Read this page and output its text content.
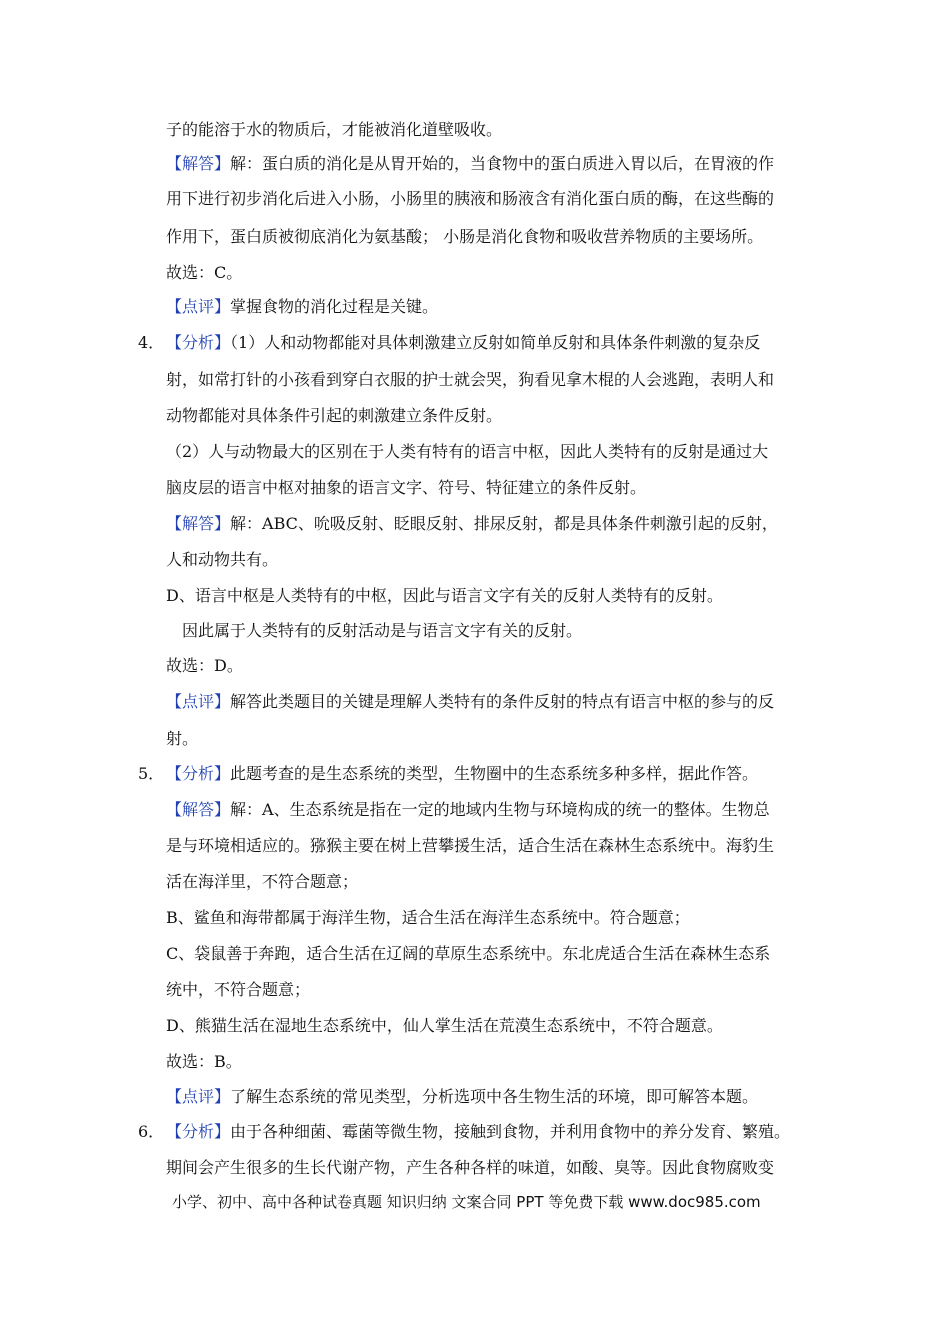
子的能溶于水的物质后，才能被消化道壁吸收。
【解答】解：蛋白质的消化是从胃开始的，当食物中的蛋白质进入胃以后，在胃液的作
用下进行初步消化后进入小肠，小肠里的胰液和肠液含有消化蛋白质的酶，在这些酶的
作用下，蛋白质被彻底消化为氨基酸； 小肠是消化食物和吸收营养物质的主要场所。
故选：C。
【点评】掌握食物的消化过程是关键。
4． 【分析】（1）人和动物都能对具体刺激建立反射如简单反射和具体条件刺激的复杂反
射，如常打针的小孩看到穿白衣服的护士就会哭，狗看见拿木棍的人会逃跑，表明人和
动物都能对具体条件引起的刺激建立条件反射。
（2）人与动物最大的区别在于人类有特有的语言中枢，因此人类特有的反射是通过大
脑皮层的语言中枢对抽象的语言文字、符号、特征建立的条件反射。
【解答】解：ABC、吮吸反射、眨眼反射、排尿反射，都是具体条件刺激引起的反射，
人和动物共有。
D、语言中枢是人类特有的中枢，因此与语言文字有关的反射人类特有的反射。
因此属于人类特有的反射活动是与语言文字有关的反射。
故选：D。
【点评】解答此类题目的关键是理解人类特有的条件反射的特点有语言中枢的参与的反
射。
5． 【分析】此题考查的是生态系统的类型，生物圈中的生态系统多种多样，据此作答。
【解答】解：A、生态系统是指在一定的地域内生物与环境构成的统一的整体。生物总
是与环境相适应的。猕猴主要在树上营攀援生活，适合生活在森林生态系统中。海豹生
活在海洋里，不符合题意；
B、鲨鱼和海带都属于海洋生物，适合生活在海洋生态系统中。符合题意；
C、袋鼠善于奔跑，适合生活在辽阔的草原生态系统中。东北虎适合生活在森林生态系
统中，不符合题意；
D、熊猫生活在湿地生态系统中，仙人掌生活在荒漠生态系统中，不符合题意。
故选：B。
【点评】了解生态系统的常见类型，分析选项中各生物生活的环境，即可解答本题。
6． 【分析】由于各种细菌、霉菌等微生物，接触到食物，并利用食物中的养分发育、繁殖。
期间会产生很多的生长代谢产物，产生各种各样的味道，如酸、臭等。因此食物腐败变
小学、初中、高中各种试卷真题 知识归纳 文案合同 PPT 等免费下载 www.doc985.com
